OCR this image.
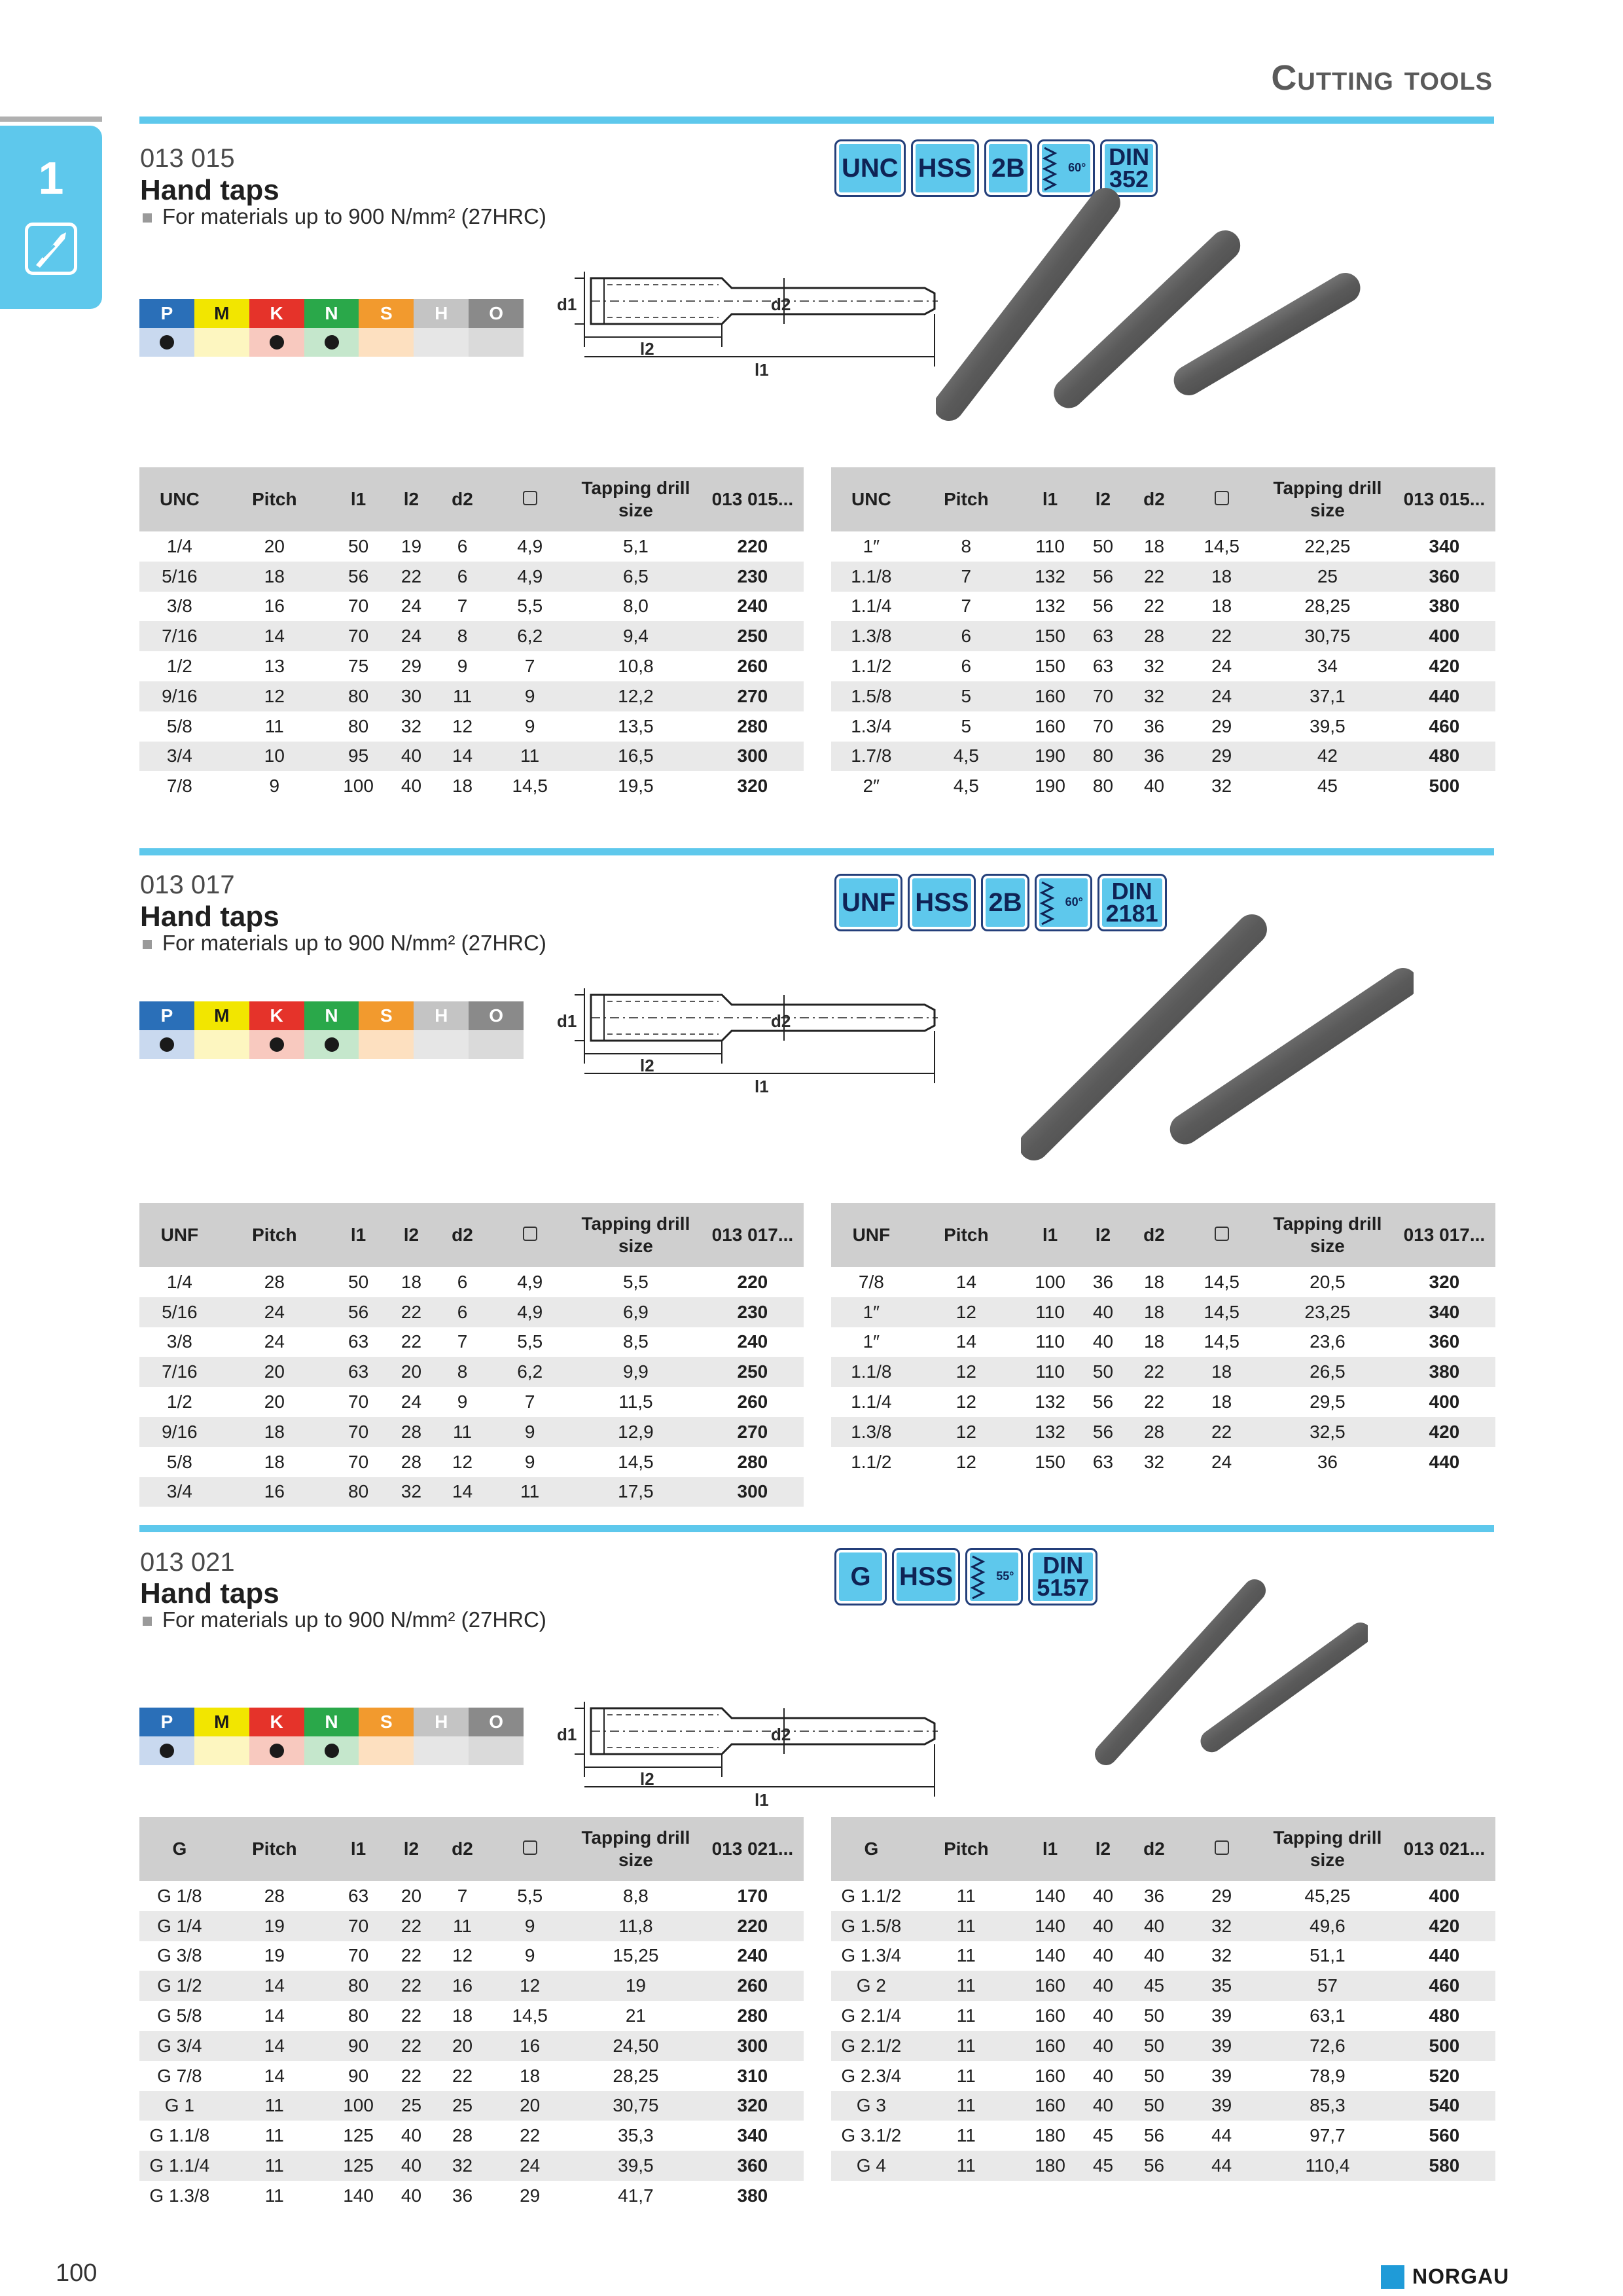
Cutting tools
1	013 015
Hand taps
For materials up to 900 N/mm² (27HRC)
UNC HSS 2B	60° DIN
352
P	M	K	N	S	H	O	d1	d2
l2
l1
UNC	Pitch	l1	l2	d2		Tapping drill size	013 015...
1/4	20	50	19	6	4,9	5,1	220
5/16	18	56	22	6	4,9	6,5	230
3/8	16	70	24	7	5,5	8,0	240
7/16	14	70	24	8	6,2	9,4	250
1/2	13	75	29	9	7	10,8	260
9/16	12	80	30	11	9	12,2	270
5/8	11	80	32	12	9	13,5	280
3/4	10	95	40	14	11	16,5	300
7/8	9	100	40	18	14,5	19,5	320
UNC	Pitch	l1	l2	d2		Tapping drill size	013 015...
1″	8	110	50	18	14,5	22,25	340
1.1/8	7	132	56	22	18	25	360
1.1/4	7	132	56	22	18	28,25	380
1.3/8	6	150	63	28	22	30,75	400
1.1/2	6	150	63	32	24	34	420
1.5/8	5	160	70	32	24	37,1	440
1.3/4	5	160	70	36	29	39,5	460
1.7/8	4,5	190	80	36	29	42	480
2″	4,5	190	80	40	32	45	500
013 017
Hand taps
For materials up to 900 N/mm² (27HRC)
UNF HSS 2B	60° DIN
2181
P	M	K	N	S	H	O	d1	d2
l2
l1
UNF	Pitch	l1	l2	d2		Tapping drill size	013 017...
1/4	28	50	18	6	4,9	5,5	220
5/16	24	56	22	6	4,9	6,9	230
3/8	24	63	22	7	5,5	8,5	240
7/16	20	63	20	8	6,2	9,9	250
1/2	20	70	24	9	7	11,5	260
9/16	18	70	28	11	9	12,9	270
5/8	18	70	28	12	9	14,5	280
3/4	16	80	32	14	11	17,5	300
UNF	Pitch	l1	l2	d2		Tapping drill size	013 017...
7/8	14	100	36	18	14,5	20,5	320
1″	12	110	40	18	14,5	23,25	340
1″	14	110	40	18	14,5	23,6	360
1.1/8	12	110	50	22	18	26,5	380
1.1/4	12	132	56	22	18	29,5	400
1.3/8	12	132	56	28	22	32,5	420
1.1/2	12	150	63	32	24	36	440
013 021
Hand taps
For materials up to 900 N/mm² (27HRC)
G	HSS	55° DIN
5157
P	M	K	N	S	H	O
d1	d2
l2
l1
G	Pitch	l1	l2	d2		Tapping drill size	013 021...
G 1/8	28	63	20	7	5,5	8,8	170
G 1/4	19	70	22	11	9	11,8	220
G 3/8	19	70	22	12	9	15,25	240
G 1/2	14	80	22	16	12	19	260
G 5/8	14	80	22	18	14,5	21	280
G 3/4	14	90	22	20	16	24,50	300
G 7/8	14	90	22	22	18	28,25	310
G 1	11	100	25	25	20	30,75	320
G 1.1/8	11	125	40	28	22	35,3	340
G 1.1/4	11	125	40	32	24	39,5	360
G 1.3/8	11	140	40	36	29	41,7	380
G	Pitch	l1	l2	d2		Tapping drill size	013 021...
G 1.1/2	11	140	40	36	29	45,25	400
G 1.5/8	11	140	40	40	32	49,6	420
G 1.3/4	11	140	40	40	32	51,1	440
G 2	11	160	40	45	35	57	460
G 2.1/4	11	160	40	50	39	63,1	480
G 2.1/2	11	160	40	50	39	72,6	500
G 2.3/4	11	160	40	50	39	78,9	520
G 3	11	160	40	50	39	85,3	540
G 3.1/2	11	180	45	56	44	97,7	560
G 4	11	180	45	56	44	110,4	580
100	NORGAU
